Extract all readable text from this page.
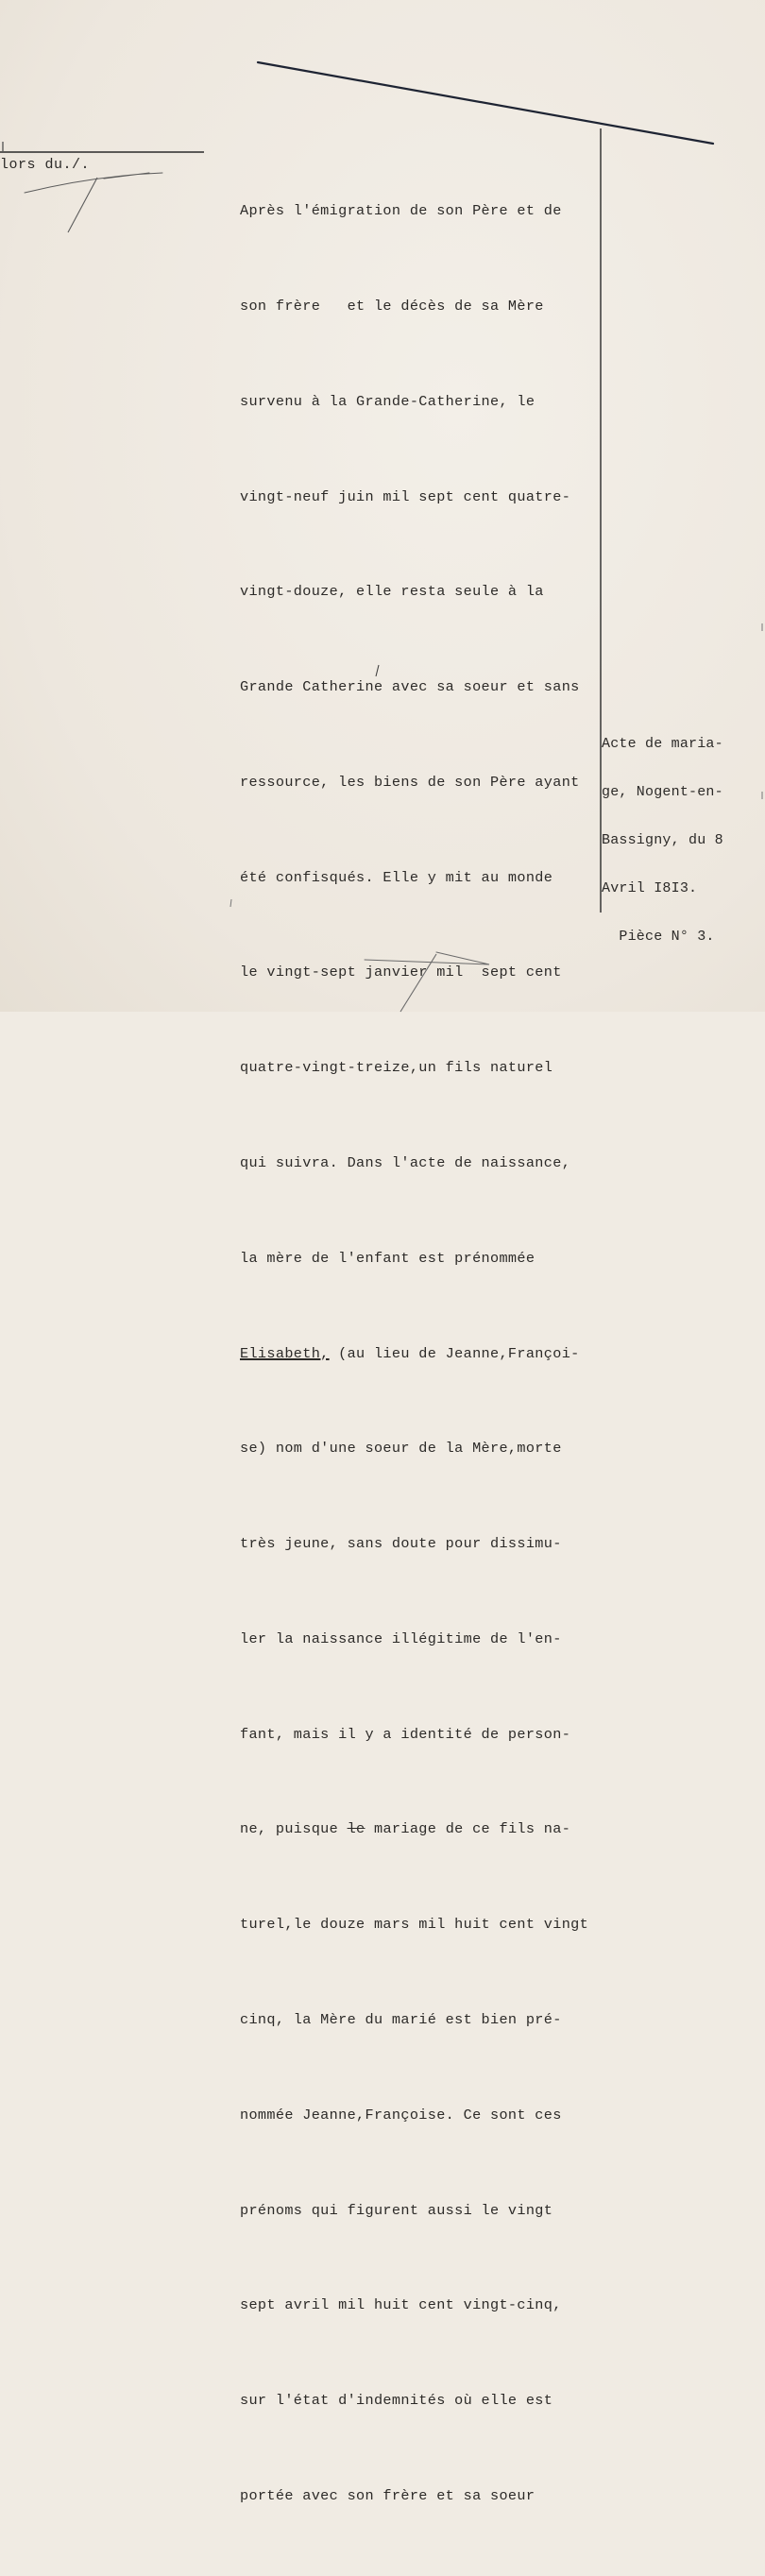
lors du./.

Après l'émigration de son Père et de

son frère   et le décès de sa Mère

survenu à la Grande-Catherine, le

vingt-neuf juin mil sept cent quatre-

vingt-douze, elle resta seule à la

Grande Catherine avec sa soeur et sans

ressource, les biens de son Père ayant

été confisqués. Elle y mit au monde

le vingt-sept janvier mil  sept cent

quatre-vingt-treize,un fils naturel

qui suivra. Dans l'acte de naissance,

la mère de l'enfant est prénommée

Elisabeth, (au lieu de Jeanne,Françoi-

se) nom d'une soeur de la Mère,morte

très jeune, sans doute pour dissimu-

ler la naissance illégitime de l'en-

fant, mais il y a identité de person-

ne, puisque le mariage de ce fils na-

turel,le douze mars mil huit cent vingt

cinq, la Mère du marié est bien pré-

nommée Jeanne,Françoise. Ce sont ces

prénoms qui figurent aussi le vingt

sept avril mil huit cent vingt-cinq,

sur l'état d'indemnités où elle est

portée avec son frère et sa soeur

Acte de maria-

ge, Nogent-en-

Bassigny, du 8

Avril I8I3.

Pièce N° 3.
